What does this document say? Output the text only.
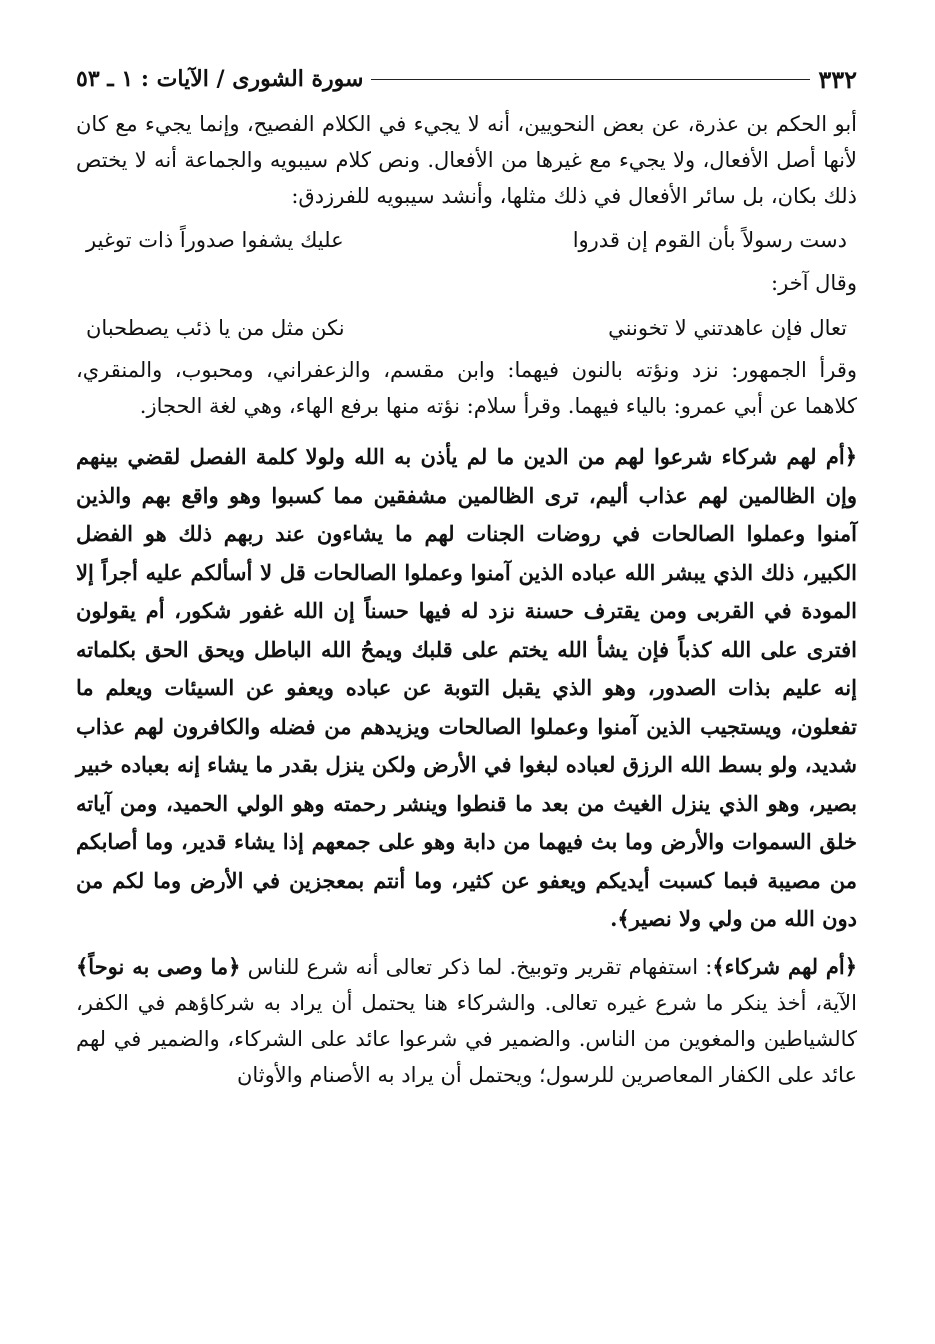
٣٣٢
سورة الشورى / الآيات : ١ ـ ٥٣

أبو الحكم بن عذرة، عن بعض النحويين، أنه لا يجيء في الكلام الفصيح، وإنما يجيء مع كان لأنها أصل الأفعال، ولا يجيء مع غيرها من الأفعال. ونص كلام سيبويه والجماعة أنه لا يختص ذلك بكان، بل سائر الأفعال في ذلك مثلها، وأنشد سيبويه للفرزدق:

دست رسولاً بأن القوم إن قدروا
عليك يشفوا صدوراً ذات توغير
وقال آخر:
تعال فإن عاهدتني لا تخونني
نكن مثل من يا ذئب يصطحبان

وقرأ الجمهور: نزد ونؤته بالنون فيهما: وابن مقسم، والزعفراني، ومحبوب، والمنقري، كلاهما عن أبي عمرو: بالياء فيهما. وقرأ سلام: نؤته منها برفع الهاء، وهي لغة الحجاز.

﴿أم لهم شركاء شرعوا لهم من الدين ما لم يأذن به الله ولولا كلمة الفصل لقضي بينهم وإن الظالمين لهم عذاب أليم، ترى الظالمين مشفقين مما كسبوا وهو واقع بهم والذين آمنوا وعملوا الصالحات في روضات الجنات لهم ما يشاءون عند ربهم ذلك هو الفضل الكبير، ذلك الذي يبشر الله عباده الذين آمنوا وعملوا الصالحات قل لا أسألكم عليه أجراً إلا المودة في القربى ومن يقترف حسنة نزد له فيها حسناً إن الله غفور شكور، أم يقولون افترى على الله كذباً فإن يشأ الله يختم على قلبك ويمحُ الله الباطل ويحق الحق بكلماته إنه عليم بذات الصدور، وهو الذي يقبل التوبة عن عباده ويعفو عن السيئات ويعلم ما تفعلون، ويستجيب الذين آمنوا وعملوا الصالحات ويزيدهم من فضله والكافرون لهم عذاب شديد، ولو بسط الله الرزق لعباده لبغوا في الأرض ولكن ينزل بقدر ما يشاء إنه بعباده خبير بصير، وهو الذي ينزل الغيث من بعد ما قنطوا وينشر رحمته وهو الولي الحميد، ومن آياته خلق السموات والأرض وما بث فيهما من دابة وهو على جمعهم إذا يشاء قدير، وما أصابكم من مصيبة فبما كسبت أيديكم ويعفو عن كثير، وما أنتم بمعجزين في الأرض وما لكم من دون الله من ولي ولا نصير﴾.

﴿أم لهم شركاء﴾: استفهام تقرير وتوبيخ. لما ذكر تعالى أنه شرع للناس ﴿ما وصى به نوحاً﴾ الآية، أخذ ينكر ما شرع غيره تعالى. والشركاء هنا يحتمل أن يراد به شركاؤهم في الكفر، كالشياطين والمغوين من الناس. والضمير في شرعوا عائد على الشركاء، والضمير في لهم عائد على الكفار المعاصرين للرسول؛ ويحتمل أن يراد به الأصنام والأوثان
